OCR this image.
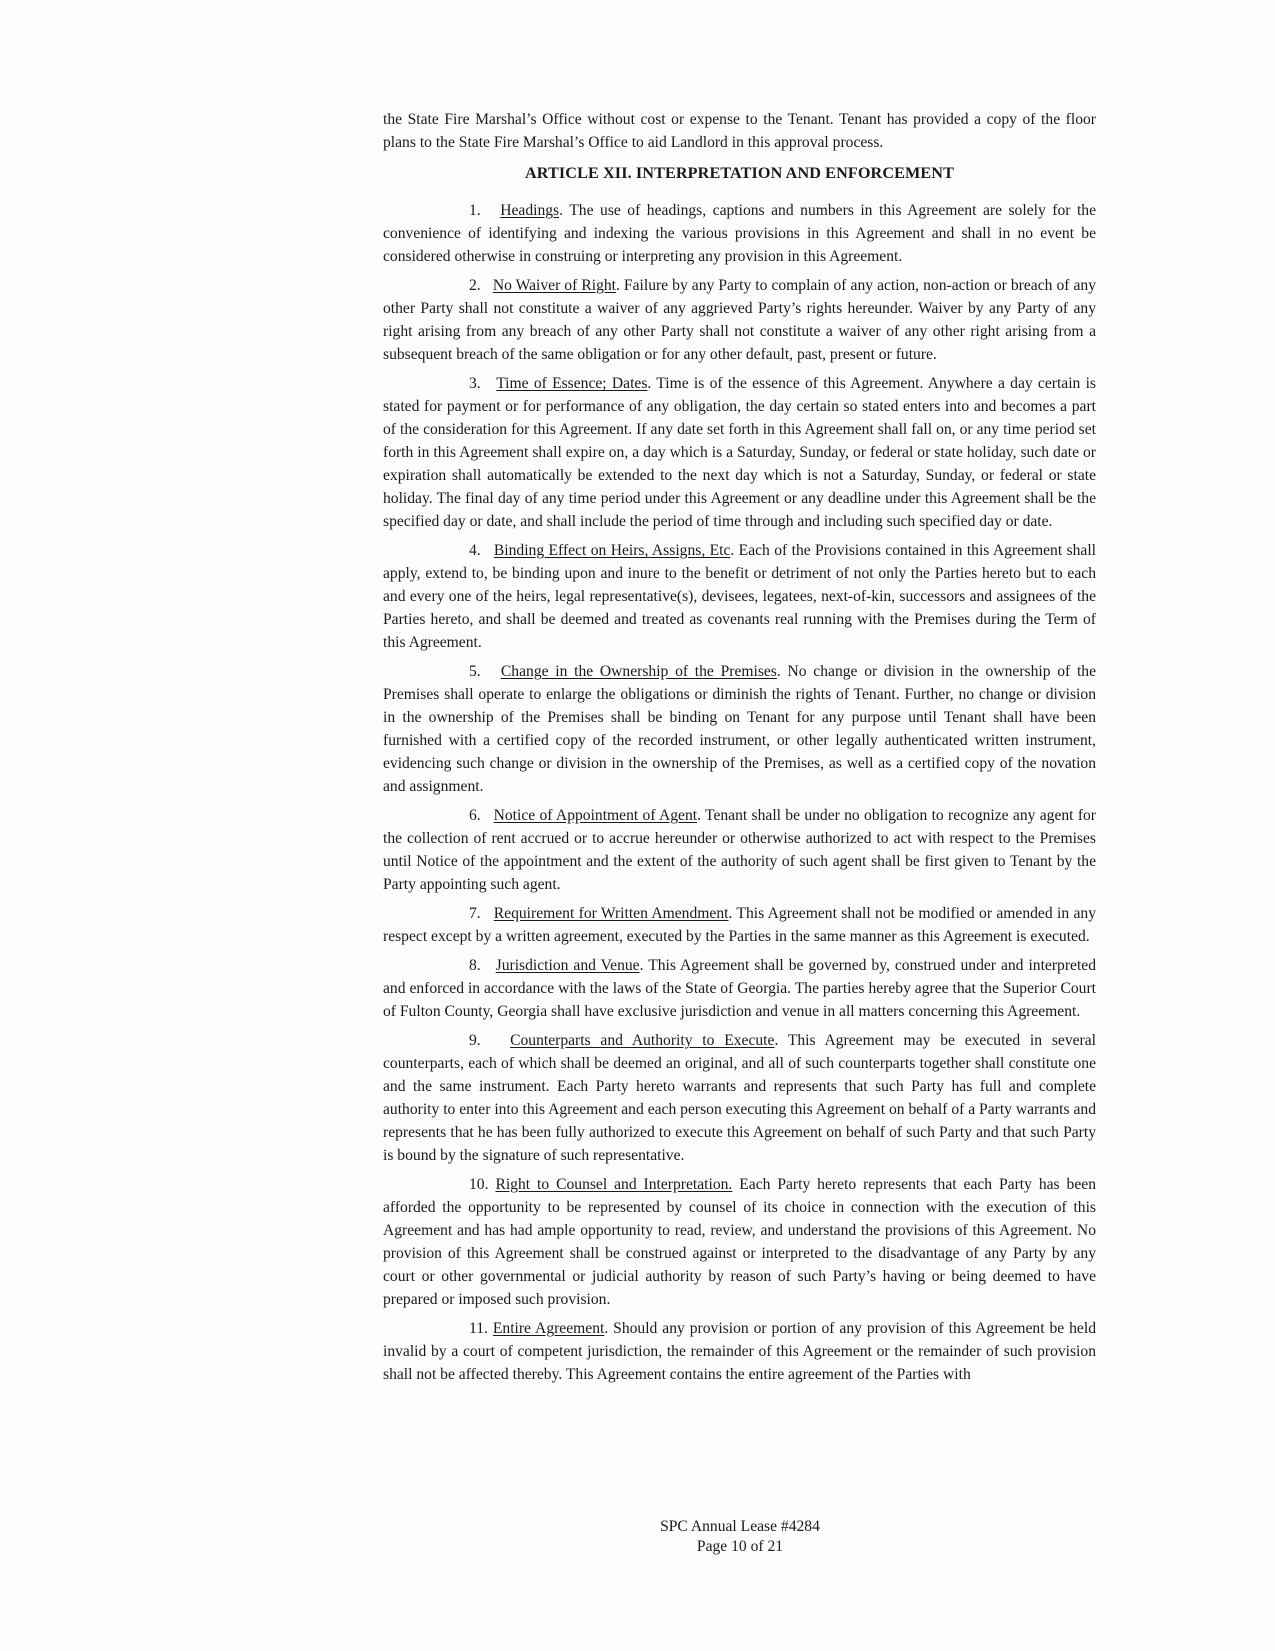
the State Fire Marshal’s Office without cost or expense to the Tenant. Tenant has provided a copy of the floor plans to the State Fire Marshal’s Office to aid Landlord in this approval process.

ARTICLE XII. INTERPRETATION AND ENFORCEMENT

1. Headings. The use of headings, captions and numbers in this Agreement are solely for the convenience of identifying and indexing the various provisions in this Agreement and shall in no event be considered otherwise in construing or interpreting any provision in this Agreement.

2. No Waiver of Right. Failure by any Party to complain of any action, non-action or breach of any other Party shall not constitute a waiver of any aggrieved Party’s rights hereunder. Waiver by any Party of any right arising from any breach of any other Party shall not constitute a waiver of any other right arising from a subsequent breach of the same obligation or for any other default, past, present or future.

3. Time of Essence; Dates. Time is of the essence of this Agreement. Anywhere a day certain is stated for payment or for performance of any obligation, the day certain so stated enters into and becomes a part of the consideration for this Agreement. If any date set forth in this Agreement shall fall on, or any time period set forth in this Agreement shall expire on, a day which is a Saturday, Sunday, or federal or state holiday, such date or expiration shall automatically be extended to the next day which is not a Saturday, Sunday, or federal or state holiday. The final day of any time period under this Agreement or any deadline under this Agreement shall be the specified day or date, and shall include the period of time through and including such specified day or date.

4. Binding Effect on Heirs, Assigns, Etc. Each of the Provisions contained in this Agreement shall apply, extend to, be binding upon and inure to the benefit or detriment of not only the Parties hereto but to each and every one of the heirs, legal representative(s), devisees, legatees, next-of-kin, successors and assignees of the Parties hereto, and shall be deemed and treated as covenants real running with the Premises during the Term of this Agreement.

5. Change in the Ownership of the Premises. No change or division in the ownership of the Premises shall operate to enlarge the obligations or diminish the rights of Tenant. Further, no change or division in the ownership of the Premises shall be binding on Tenant for any purpose until Tenant shall have been furnished with a certified copy of the recorded instrument, or other legally authenticated written instrument, evidencing such change or division in the ownership of the Premises, as well as a certified copy of the novation and assignment.

6. Notice of Appointment of Agent. Tenant shall be under no obligation to recognize any agent for the collection of rent accrued or to accrue hereunder or otherwise authorized to act with respect to the Premises until Notice of the appointment and the extent of the authority of such agent shall be first given to Tenant by the Party appointing such agent.

7. Requirement for Written Amendment. This Agreement shall not be modified or amended in any respect except by a written agreement, executed by the Parties in the same manner as this Agreement is executed.

8. Jurisdiction and Venue. This Agreement shall be governed by, construed under and interpreted and enforced in accordance with the laws of the State of Georgia. The parties hereby agree that the Superior Court of Fulton County, Georgia shall have exclusive jurisdiction and venue in all matters concerning this Agreement.

9. Counterparts and Authority to Execute. This Agreement may be executed in several counterparts, each of which shall be deemed an original, and all of such counterparts together shall constitute one and the same instrument. Each Party hereto warrants and represents that such Party has full and complete authority to enter into this Agreement and each person executing this Agreement on behalf of a Party warrants and represents that he has been fully authorized to execute this Agreement on behalf of such Party and that such Party is bound by the signature of such representative.

10. Right to Counsel and Interpretation. Each Party hereto represents that each Party has been afforded the opportunity to be represented by counsel of its choice in connection with the execution of this Agreement and has had ample opportunity to read, review, and understand the provisions of this Agreement. No provision of this Agreement shall be construed against or interpreted to the disadvantage of any Party by any court or other governmental or judicial authority by reason of such Party’s having or being deemed to have prepared or imposed such provision.

11. Entire Agreement. Should any provision or portion of any provision of this Agreement be held invalid by a court of competent jurisdiction, the remainder of this Agreement or the remainder of such provision shall not be affected thereby. This Agreement contains the entire agreement of the Parties with

SPC Annual Lease #4284
Page 10 of 21
